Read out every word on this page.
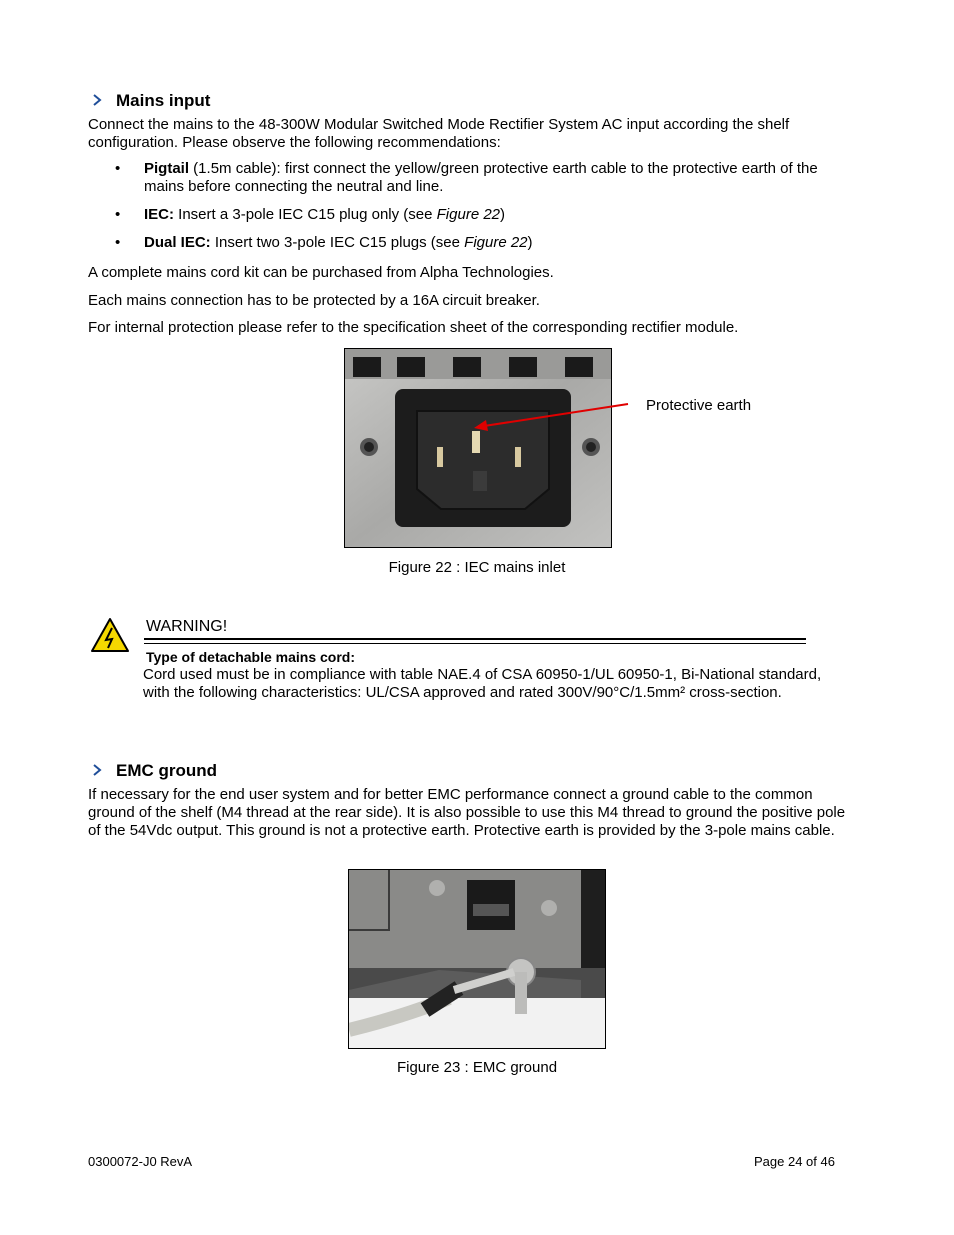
Mains input
Connect the mains to the 48-300W Modular Switched Mode Rectifier System AC input according the shelf configuration. Please observe the following recommendations:
• Pigtail (1.5m cable): first connect the yellow/green protective earth cable to the protective earth of the mains before connecting the neutral and line.
• IEC: Insert a 3-pole IEC C15 plug only (see Figure 22)
• Dual IEC: Insert two 3-pole IEC C15 plugs (see Figure 22)
A complete mains cord kit can be purchased from Alpha Technologies.
Each mains connection has to be protected by a 16A circuit breaker.
For internal protection please refer to the specification sheet of the corresponding rectifier module.
Protective earth
Figure 22 : IEC mains inlet
WARNING!
Type of detachable mains cord:
Cord used must be in compliance with table NAE.4 of CSA 60950-1/UL 60950-1, Bi-National standard, with the following characteristics: UL/CSA approved and rated 300V/90°C/1.5mm² cross-section.
EMC ground
If necessary for the end user system and for better EMC performance connect a ground cable to the common ground of the shelf (M4 thread at the rear side). It is also possible to use this M4 thread to ground the positive pole of the 54Vdc output. This ground is not a protective earth. Protective earth is provided by the 3-pole mains cable.
Figure 23 : EMC ground
0300072-J0 RevA	Page 24 of 46
